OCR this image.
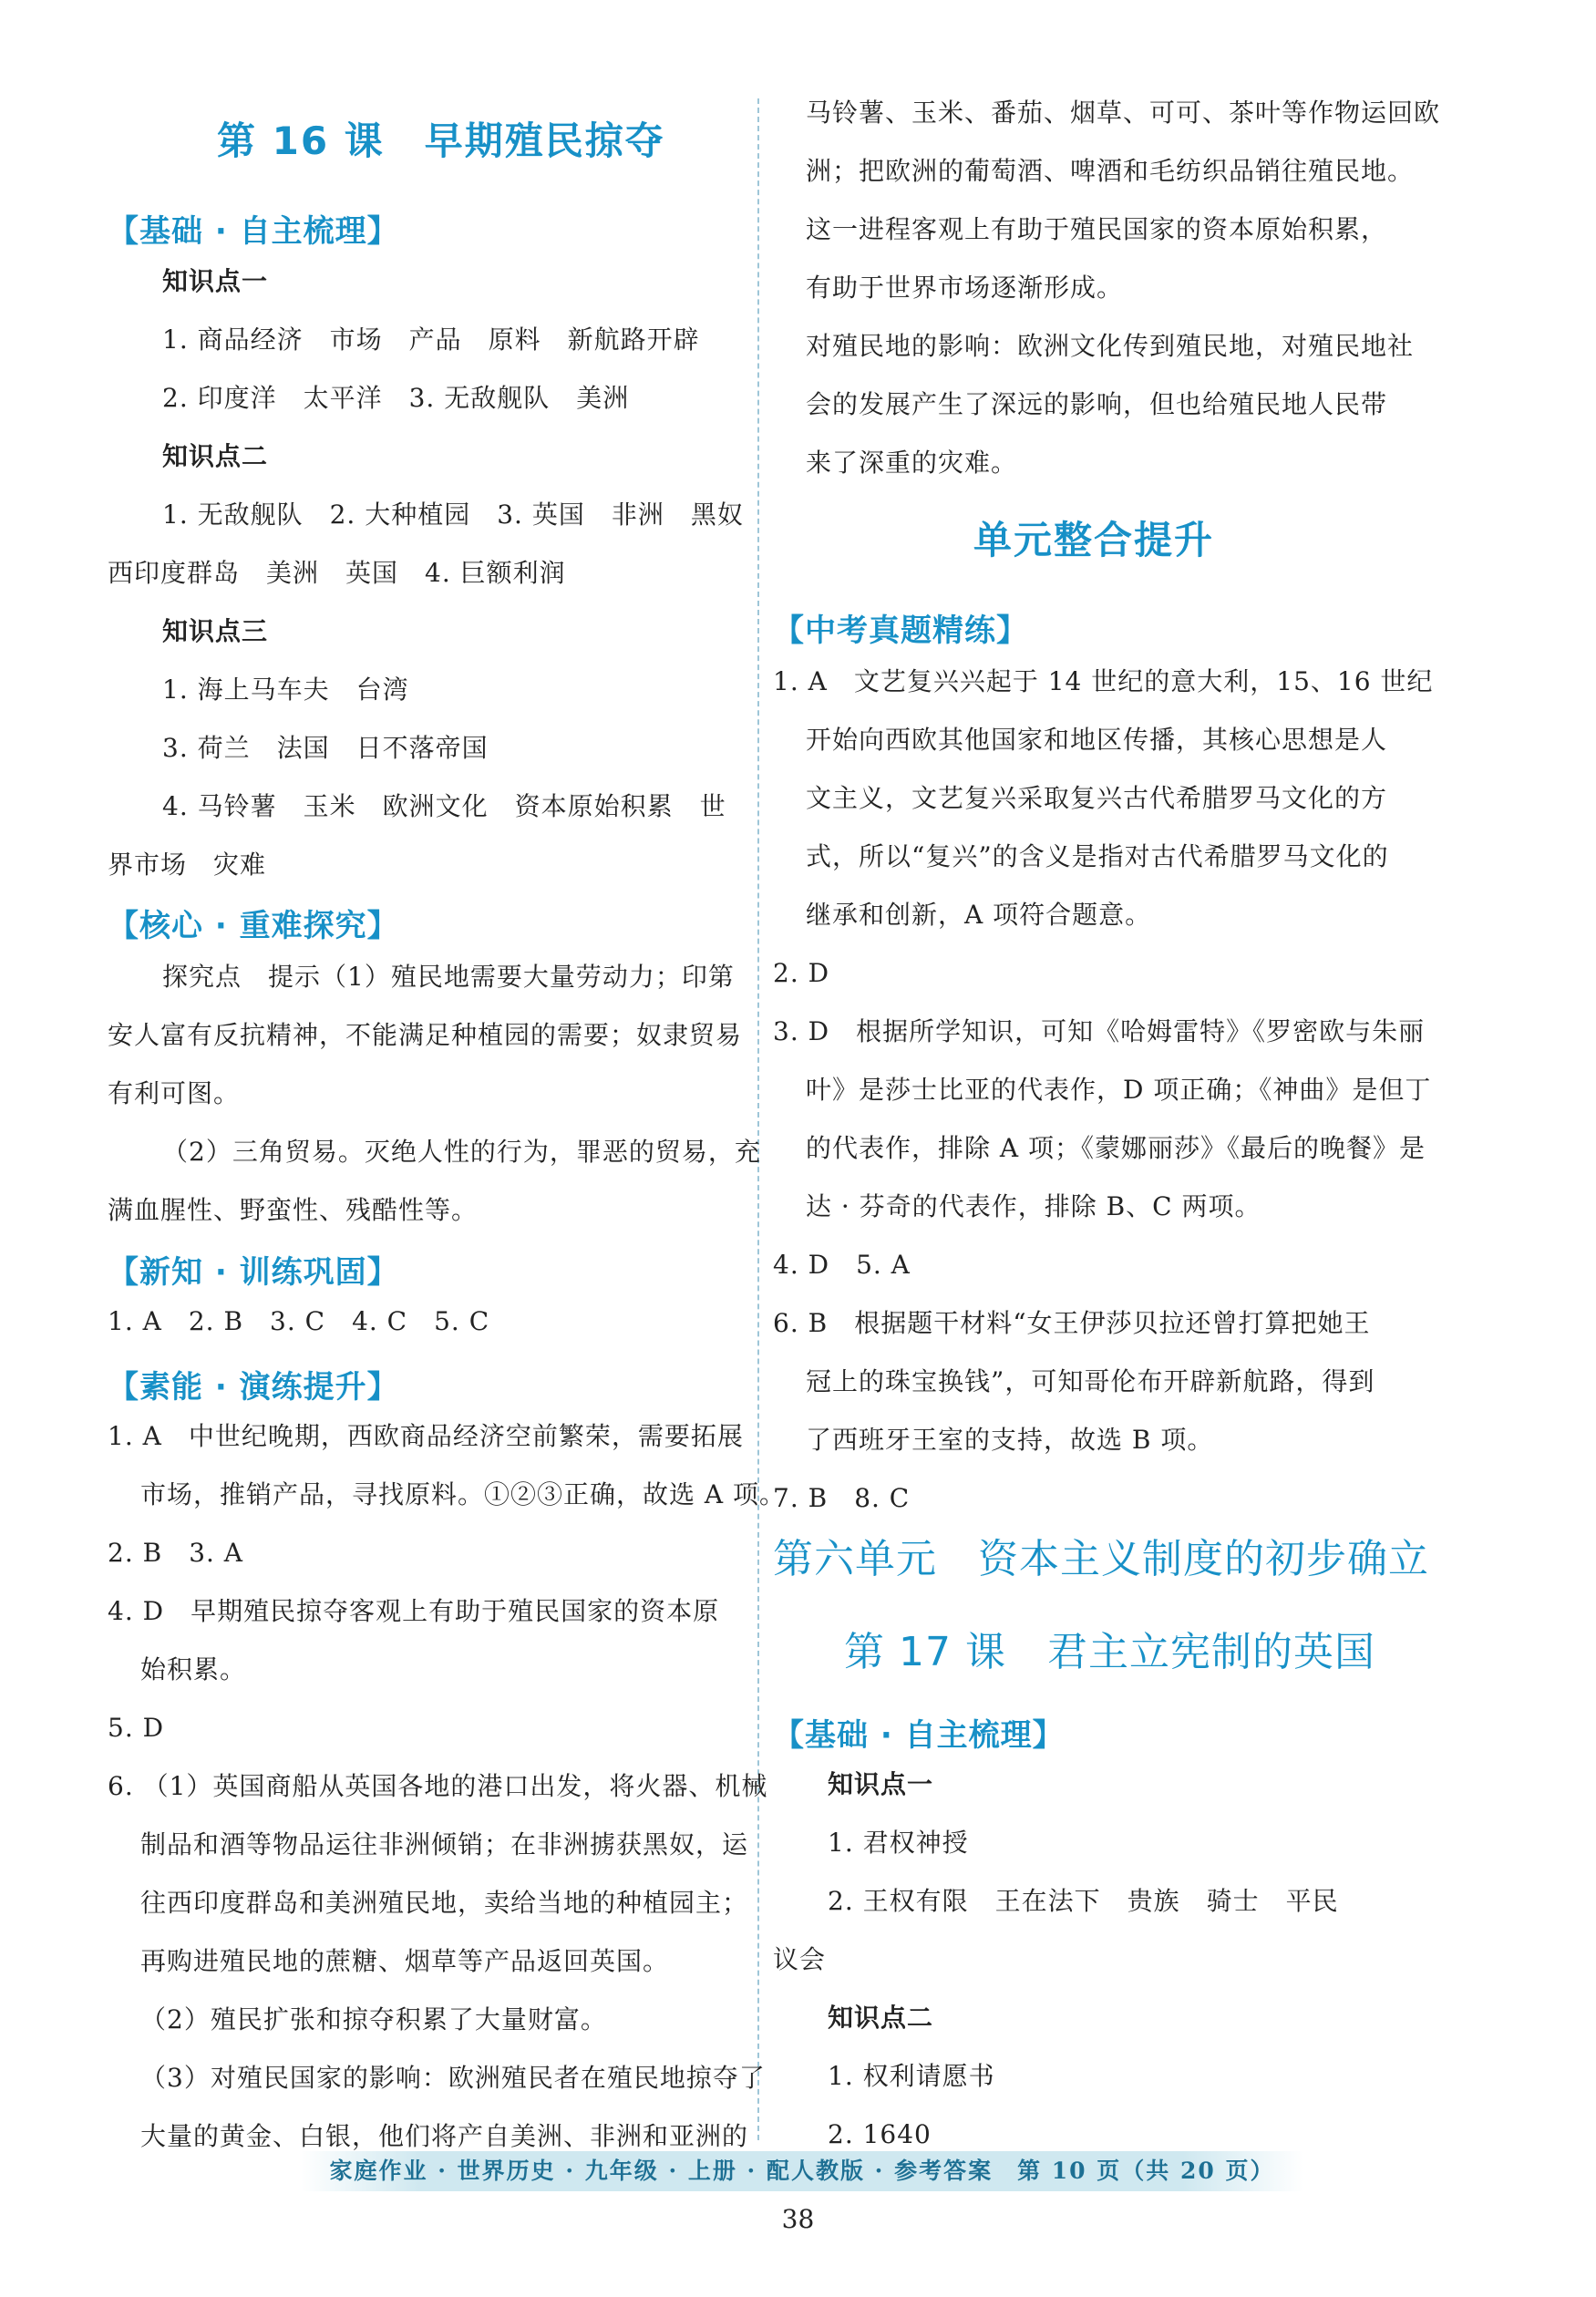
第 16 课　早期殖民掠夺
【基础 · 自主梳理】
知识点一
1. 商品经济　市场　产品　原料　新航路开辟
2. 印度洋　太平洋　3. 无敌舰队　美洲
知识点二
1. 无敌舰队　2. 大种植园　3. 英国　非洲　黑奴
西印度群岛　美洲　英国　4. 巨额利润
知识点三
1. 海上马车夫　台湾
3. 荷兰　法国　日不落帝国
4. 马铃薯　玉米　欧洲文化　资本原始积累　世
界市场　灾难
【核心 · 重难探究】
探究点　提示（1）殖民地需要大量劳动力；印第
安人富有反抗精神，不能满足种植园的需要；奴隶贸易
有利可图。
（2）三角贸易。灭绝人性的行为，罪恶的贸易，充
满血腥性、野蛮性、残酷性等。
【新知 · 训练巩固】
1. A　2. B　3. C　4. C　5. C
【素能 · 演练提升】
1. A　中世纪晚期，西欧商品经济空前繁荣，需要拓展
市场，推销产品，寻找原料。①②③正确，故选 A 项。
2. B　3. A
4. D　早期殖民掠夺客观上有助于殖民国家的资本原
始积累。
5. D
6. （1）英国商船从英国各地的港口出发，将火器、机械
制品和酒等物品运往非洲倾销；在非洲掳获黑奴，运
往西印度群岛和美洲殖民地，卖给当地的种植园主；
再购进殖民地的蔗糖、烟草等产品返回英国。
（2）殖民扩张和掠夺积累了大量财富。
（3）对殖民国家的影响：欧洲殖民者在殖民地掠夺了
大量的黄金、白银，他们将产自美洲、非洲和亚洲的
马铃薯、玉米、番茄、烟草、可可、茶叶等作物运回欧
洲；把欧洲的葡萄酒、啤酒和毛纺织品销往殖民地。
这一进程客观上有助于殖民国家的资本原始积累，
有助于世界市场逐渐形成。
对殖民地的影响：欧洲文化传到殖民地，对殖民地社
会的发展产生了深远的影响，但也给殖民地人民带
来了深重的灾难。
单元整合提升
【中考真题精练】
1. A　文艺复兴兴起于 14 世纪的意大利，15、16 世纪
开始向西欧其他国家和地区传播，其核心思想是人
文主义，文艺复兴采取复兴古代希腊罗马文化的方
式，所以“复兴”的含义是指对古代希腊罗马文化的
继承和创新，A 项符合题意。
2. D
3. D　根据所学知识，可知《哈姆雷特》《罗密欧与朱丽
叶》是莎士比亚的代表作，D 项正确；《神曲》是但丁
的代表作，排除 A 项；《蒙娜丽莎》《最后的晚餐》是
达 · 芬奇的代表作，排除 B、C 两项。
4. D　5. A
6. B　根据题干材料“女王伊莎贝拉还曾打算把她王
冠上的珠宝换钱”，可知哥伦布开辟新航路，得到
了西班牙王室的支持，故选 B 项。
7. B　8. C
第六单元　资本主义制度的初步确立
第 17 课　君主立宪制的英国
【基础 · 自主梳理】
知识点一
1. 君权神授
2. 王权有限　王在法下　贵族　骑士　平民
议会
知识点二
1. 权利请愿书
2. 1640
家庭作业 · 世界历史 · 九年级 · 上册 · 配人教版 · 参考答案　第 10 页（共 20 页）
38
